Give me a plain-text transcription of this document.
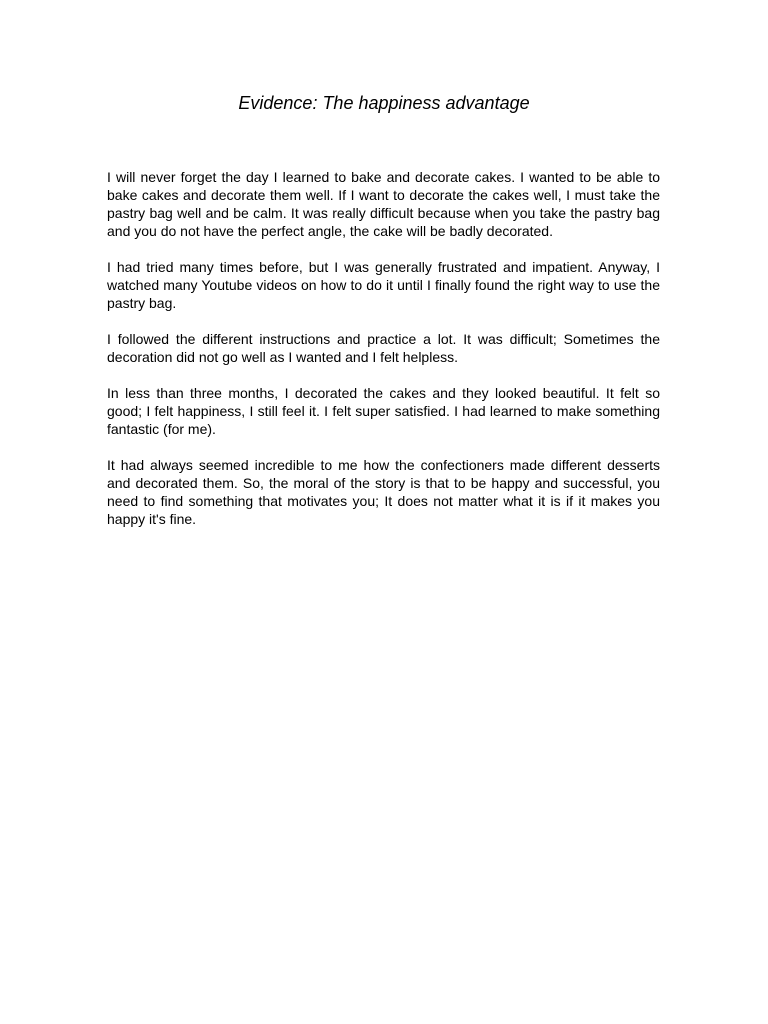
Evidence: The happiness advantage

I will never forget the day I learned to bake and decorate cakes. I wanted to be able to bake cakes and decorate them well. If I want to decorate the cakes well, I must take the pastry bag well and be calm. It was really difficult because when you take the pastry bag and you do not have the perfect angle, the cake will be badly decorated.

I had tried many times before, but I was generally frustrated and impatient. Anyway, I watched many Youtube videos on how to do it until I finally found the right way to use the pastry bag.

I followed the different instructions and practice a lot. It was difficult; Sometimes the decoration did not go well as I wanted and I felt helpless.

In less than three months, I decorated the cakes and they looked beautiful. It felt so good; I felt happiness, I still feel it. I felt super satisfied. I had learned to make something fantastic (for me).

It had always seemed incredible to me how the confectioners made different desserts and decorated them. So, the moral of the story is that to be happy and successful, you need to find something that motivates you; It does not matter what it is if it makes you happy it's fine.
